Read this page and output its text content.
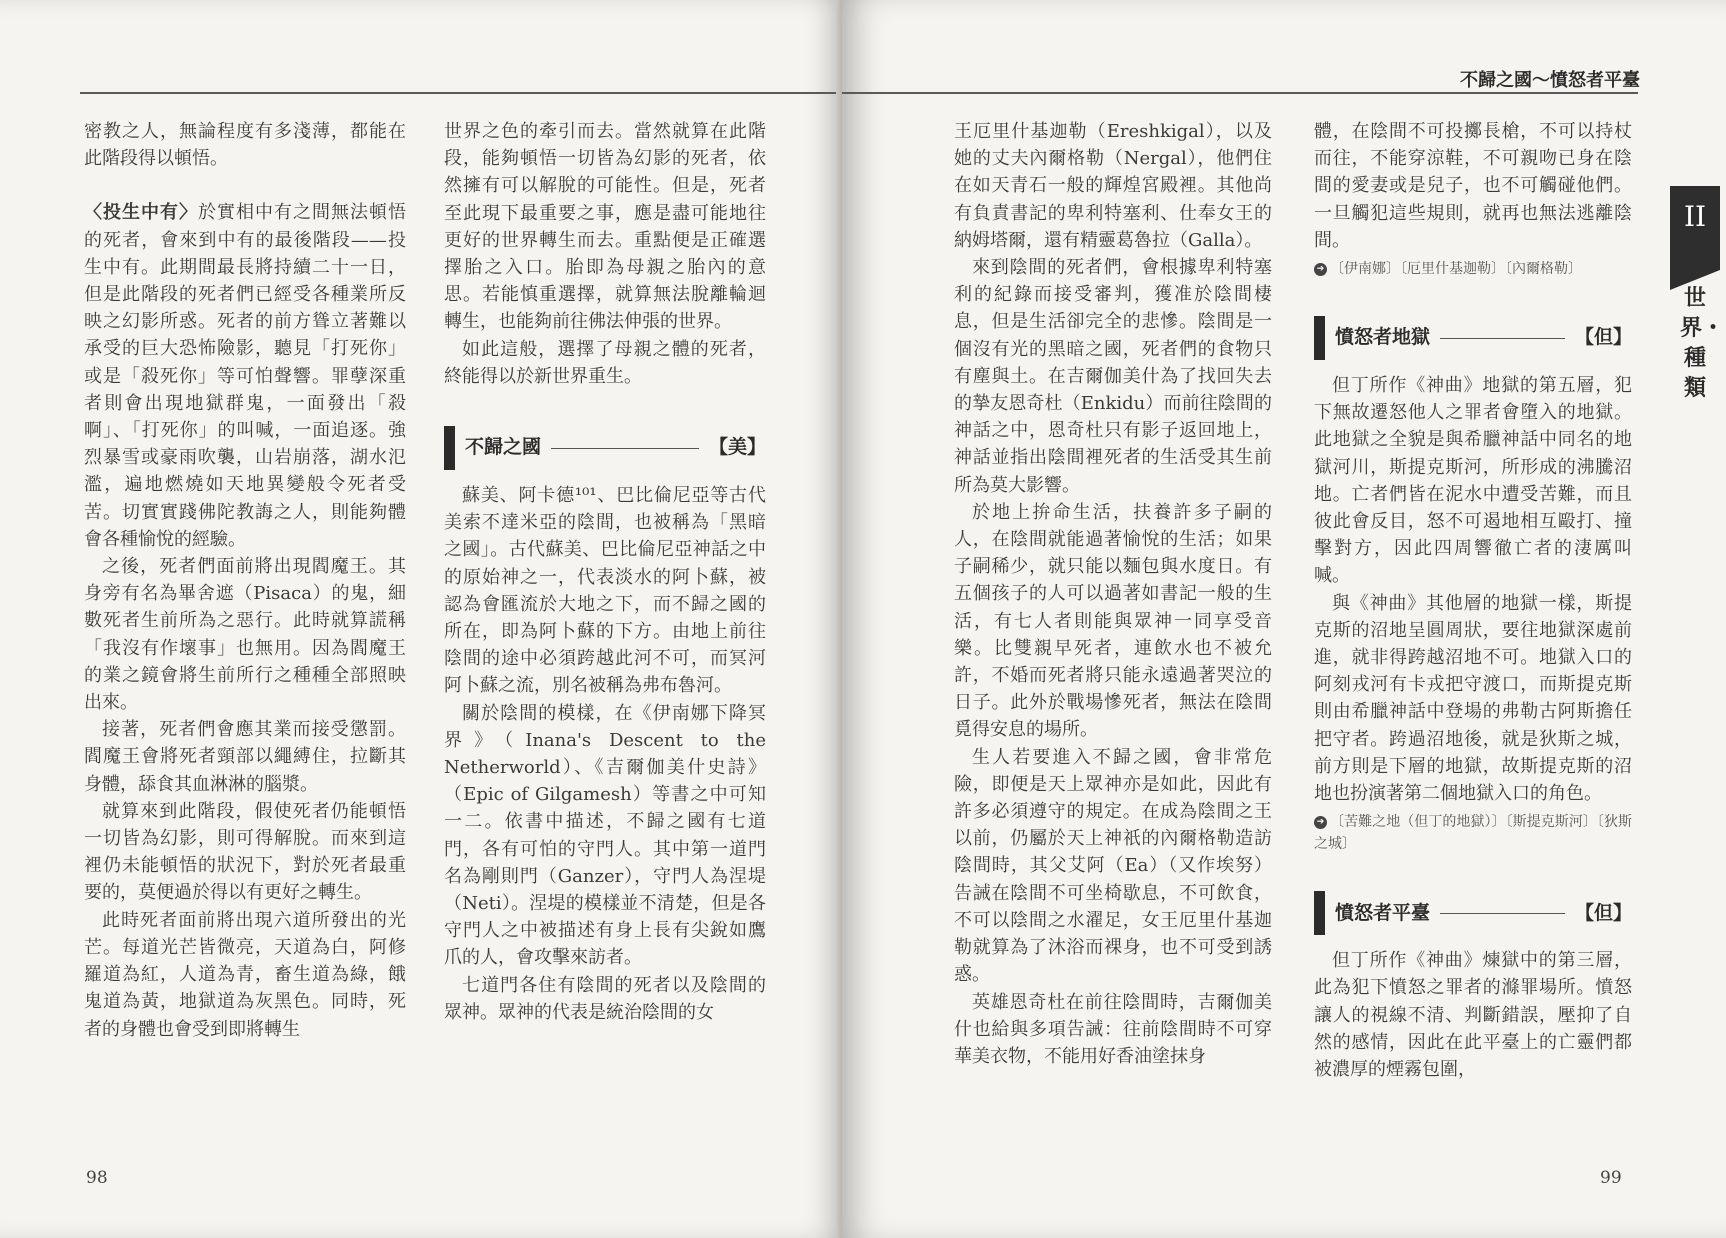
密教之人，無論程度有多淺薄，都能在此階段得以頓悟。

〈投生中有〉於實相中有之間無法頓悟的死者，會來到中有的最後階段——投生中有。此期間最長將持續二十一日，但是此階段的死者們已經受各種業所反映之幻影所惑。死者的前方聳立著難以承受的巨大恐怖險影，聽見「打死你」或是「殺死你」等可怕聲響。罪孽深重者則會出現地獄群鬼，一面發出「殺啊」、「打死你」的叫喊，一面追逐。強烈暴雪或豪雨吹襲，山岩崩落，湖水氾濫，遍地燃燒如天地異變般令死者受苦。切實實踐佛陀教誨之人，則能夠體會各種愉悅的經驗。

之後，死者們面前將出現閻魔王。其身旁有名為畢舍遮（Pisaca）的鬼，細數死者生前所為之惡行。此時就算謊稱「我沒有作壞事」也無用。因為閻魔王的業之鏡會將生前所行之種種全部照映出來。

接著，死者們會應其業而接受懲罰。閻魔王會將死者頸部以繩縛住，拉斷其身體，舔食其血淋淋的腦漿。

就算來到此階段，假使死者仍能頓悟一切皆為幻影，則可得解脫。而來到這裡仍未能頓悟的狀況下，對於死者最重要的，莫便過於得以有更好之轉生。

此時死者面前將出現六道所發出的光芒。每道光芒皆微亮，天道為白，阿修羅道為紅，人道為青，畜生道為綠，餓鬼道為黃，地獄道為灰黑色。同時，死者的身體也會受到即將轉生

世界之色的牽引而去。當然就算在此階段，能夠頓悟一切皆為幻影的死者，依然擁有可以解脫的可能性。但是，死者至此現下最重要之事，應是盡可能地往更好的世界轉生而去。重點便是正確選擇胎之入口。胎即為母親之胎內的意思。若能慎重選擇，就算無法脫離輪迴轉生，也能夠前往佛法伸張的世界。

如此這般，選擇了母親之體的死者，終能得以於新世界重生。

不歸之國	【美】

蘇美、阿卡德¹⁰¹、巴比倫尼亞等古代美索不達米亞的陰間，也被稱為「黑暗之國」。古代蘇美、巴比倫尼亞神話之中的原始神之一，代表淡水的阿卜蘇，被認為會匯流於大地之下，而不歸之國的所在，即為阿卜蘇的下方。由地上前往陰間的途中必須跨越此河不可，而冥河阿卜蘇之流，別名被稱為弗布魯河。

關於陰間的模樣，在《伊南娜下降冥界》（Inana's Descent to the Netherworld）、《吉爾伽美什史詩》（Epic of Gilgamesh）等書之中可知一二。依書中描述，不歸之國有七道門，各有可怕的守門人。其中第一道門名為剛則門（Ganzer），守門人為涅堤（Neti）。涅堤的模樣並不清楚，但是各守門人之中被描述有身上長有尖銳如鷹爪的人，會攻擊來訪者。

七道門各住有陰間的死者以及陰間的眾神。眾神的代表是統治陰間的女

98
不歸之國～憤怒者平臺
II
世界・種類

王厄里什基迦勒（Ereshkigal），以及她的丈夫內爾格勒（Nergal），他們住在如天青石一般的輝煌宮殿裡。其他尚有負責書記的卑利特塞利、仕奉女王的納姆塔爾，還有精靈葛魯拉（Galla）。

來到陰間的死者們，會根據卑利特塞利的紀錄而接受審判，獲准於陰間棲息，但是生活卻完全的悲慘。陰間是一個沒有光的黑暗之國，死者們的食物只有塵與土。在吉爾伽美什為了找回失去的摯友恩奇杜（Enkidu）而前往陰間的神話之中，恩奇杜只有影子返回地上，神話並指出陰間裡死者的生活受其生前所為莫大影響。

於地上拚命生活，扶養許多子嗣的人，在陰間就能過著愉悅的生活；如果子嗣稀少，就只能以麵包與水度日。有五個孩子的人可以過著如書記一般的生活，有七人者則能與眾神一同享受音樂。比雙親早死者，連飲水也不被允許，不婚而死者將只能永遠過著哭泣的日子。此外於戰場慘死者，無法在陰間覓得安息的場所。

生人若要進入不歸之國，會非常危險，即便是天上眾神亦是如此，因此有許多必須遵守的規定。在成為陰間之王以前，仍屬於天上神祇的內爾格勒造訪陰間時，其父艾阿（Ea）（又作埃努）告誡在陰間不可坐椅歇息，不可飲食，不可以陰間之水濯足，女王厄里什基迦勒就算為了沐浴而裸身，也不可受到誘惑。

英雄恩奇杜在前往陰間時，吉爾伽美什也給與多項告誡：往前陰間時不可穿華美衣物，不能用好香油塗抹身

體，在陰間不可投擲長槍，不可以持杖而往，不能穿涼鞋，不可親吻已身在陰間的愛妻或是兒子，也不可觸碰他們。一旦觸犯這些規則，就再也無法逃離陰間。

➔ 〔伊南娜〕〔厄里什基迦勒〕〔內爾格勒〕
憤怒者地獄	【但】

但丁所作《神曲》地獄的第五層，犯下無故遷怒他人之罪者會墮入的地獄。此地獄之全貌是與希臘神話中同名的地獄河川，斯提克斯河，所形成的沸騰沼地。亡者們皆在泥水中遭受苦難，而且彼此會反目，怒不可遏地相互毆打、撞擊對方，因此四周響徹亡者的淒厲叫喊。

與《神曲》其他層的地獄一樣，斯提克斯的沼地呈圓周狀，要往地獄深處前進，就非得跨越沼地不可。地獄入口的阿刻戎河有卡戎把守渡口，而斯提克斯則由希臘神話中登場的弗勒古阿斯擔任把守者。跨過沼地後，就是狄斯之城，前方則是下層的地獄，故斯提克斯的沼地也扮演著第二個地獄入口的角色。

➔ 〔苦難之地（但丁的地獄）〕〔斯提克斯河〕〔狄斯之城〕
憤怒者平臺	【但】

但丁所作《神曲》煉獄中的第三層，此為犯下憤怒之罪者的滌罪場所。憤怒讓人的視線不清、判斷錯誤，壓抑了自然的感情，因此在此平臺上的亡靈們都被濃厚的煙霧包圍，

99
